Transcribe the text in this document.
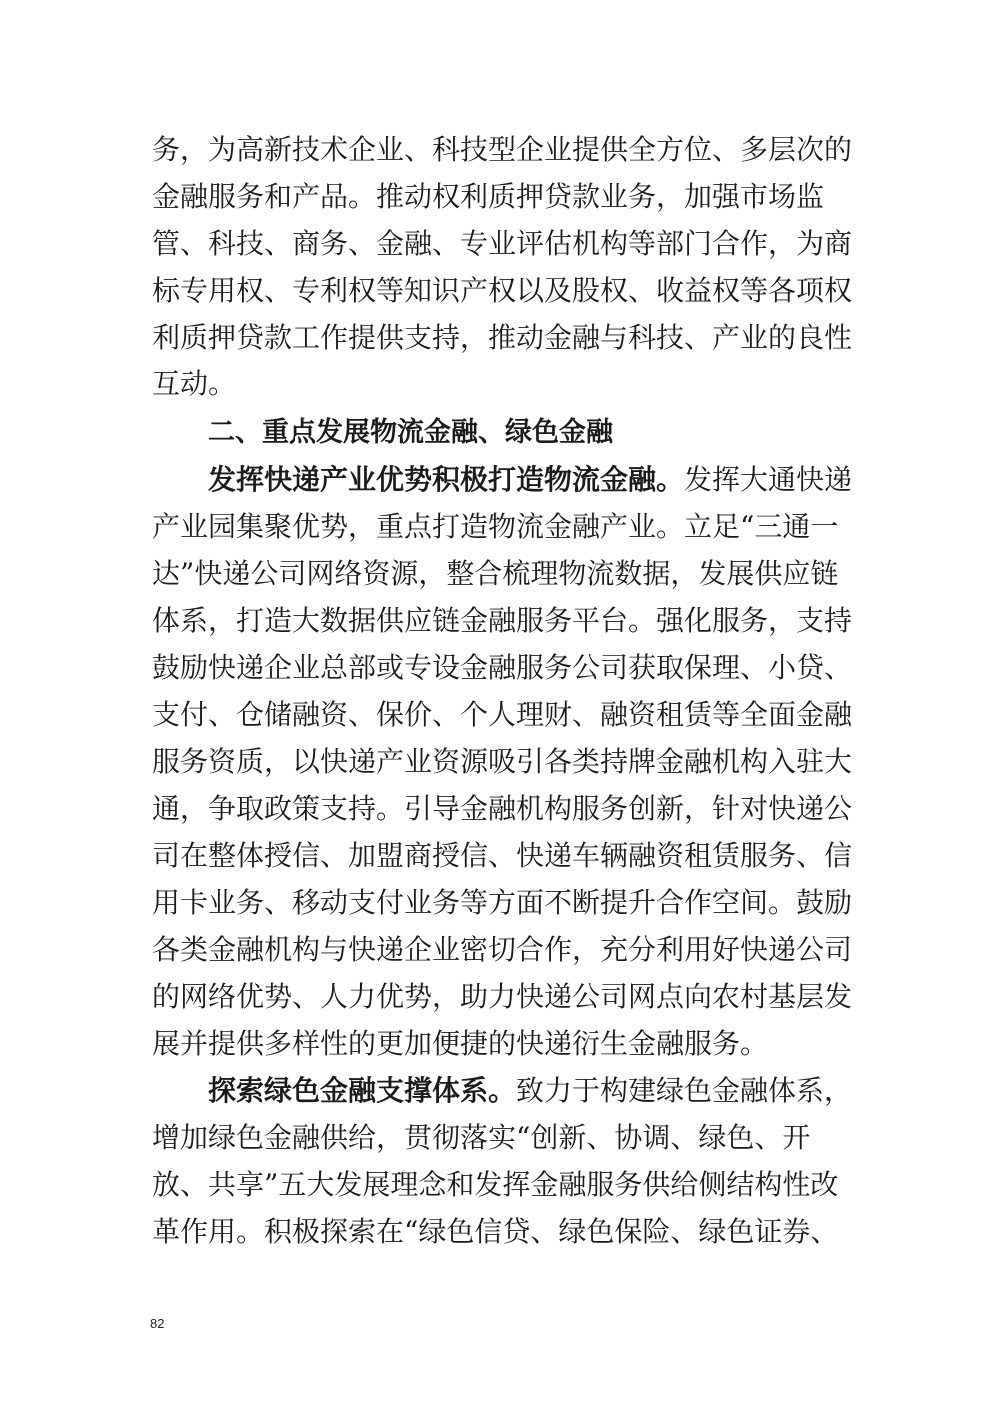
务，为高新技术企业、科技型企业提供全方位、多层次的
金融服务和产品。推动权利质押贷款业务，加强市场监
管、科技、商务、金融、专业评估机构等部门合作，为商
标专用权、专利权等知识产权以及股权、收益权等各项权
利质押贷款工作提供支持，推动金融与科技、产业的良性
互动。
二、重点发展物流金融、绿色金融
发挥快递产业优势积极打造物流金融。发挥大通快递
产业园集聚优势，重点打造物流金融产业。立足“三通一
达”快递公司网络资源，整合梳理物流数据，发展供应链
体系，打造大数据供应链金融服务平台。强化服务，支持
鼓励快递企业总部或专设金融服务公司获取保理、小贷、
支付、仓储融资、保价、个人理财、融资租赁等全面金融
服务资质，以快递产业资源吸引各类持牌金融机构入驻大
通，争取政策支持。引导金融机构服务创新，针对快递公
司在整体授信、加盟商授信、快递车辆融资租赁服务、信
用卡业务、移动支付业务等方面不断提升合作空间。鼓励
各类金融机构与快递企业密切合作，充分利用好快递公司
的网络优势、人力优势，助力快递公司网点向农村基层发
展并提供多样性的更加便捷的快递衍生金融服务。
探索绿色金融支撑体系。致力于构建绿色金融体系，
增加绿色金融供给，贯彻落实“创新、协调、绿色、开
放、共享”五大发展理念和发挥金融服务供给侧结构性改
革作用。积极探索在“绿色信贷、绿色保险、绿色证券、
82
